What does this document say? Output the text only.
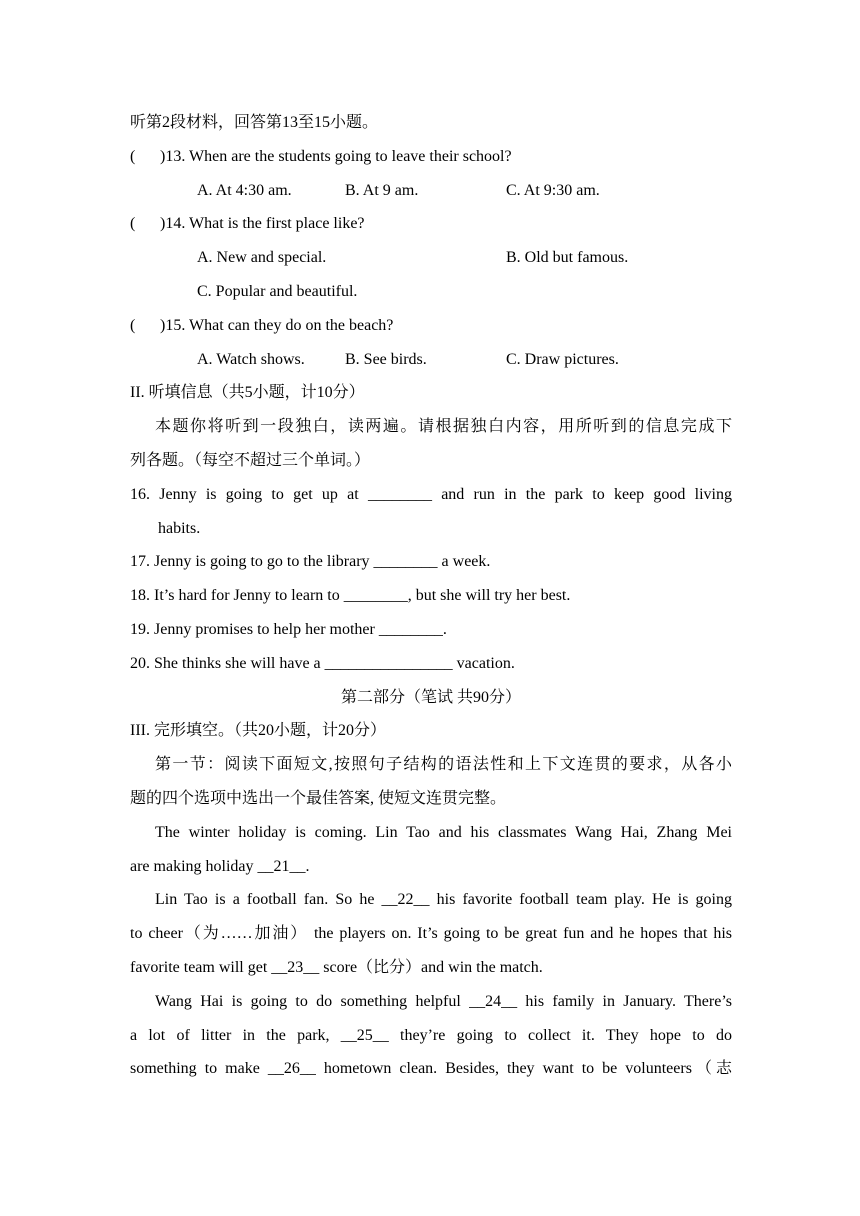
听第2段材料，回答第13至15小题。
( )13. When are the students going to leave their school?
A. At 4:30 am.	B. At 9 am.	C. At 9:30 am.
( )14. What is the first place like?
A. New and special.	B. Old but famous.
C. Popular and beautiful.
( )15. What can they do on the beach?
A. Watch shows.	B. See birds.	C. Draw pictures.
II. 听填信息（共5小题，计10分）
本题你将听到一段独白，读两遍。请根据独白内容，用所听到的信息完成下
列各题。（每空不超过三个单词。）
16. Jenny is going to get up at ________ and run in the park to keep good living
habits.
17. Jenny is going to go to the library ________ a week.
18. It’s hard for Jenny to learn to ________, but she will try her best.
19. Jenny promises to help her mother ________.
20. She thinks she will have a ________________ vacation.
第二部分（笔试 共90分）
III. 完形填空。（共20小题，计20分）
第一节：阅读下面短文,按照句子结构的语法性和上下文连贯的要求，从各小
题的四个选项中选出一个最佳答案, 使短文连贯完整。
The winter holiday is coming. Lin Tao and his classmates Wang Hai, Zhang Mei
are making holiday __21__.
Lin Tao is a football fan. So he __22__ his favorite football team play. He is going
to cheer（为……加油） the players on. It’s going to be great fun and he hopes that his
favorite team will get __23__ score（比分）and win the match.
Wang Hai is going to do something helpful __24__ his family in January. There’s
a lot of litter in the park, __25__ they’re going to collect it. They hope to do
something to make __26__ hometown clean. Besides, they want to be volunteers（志
